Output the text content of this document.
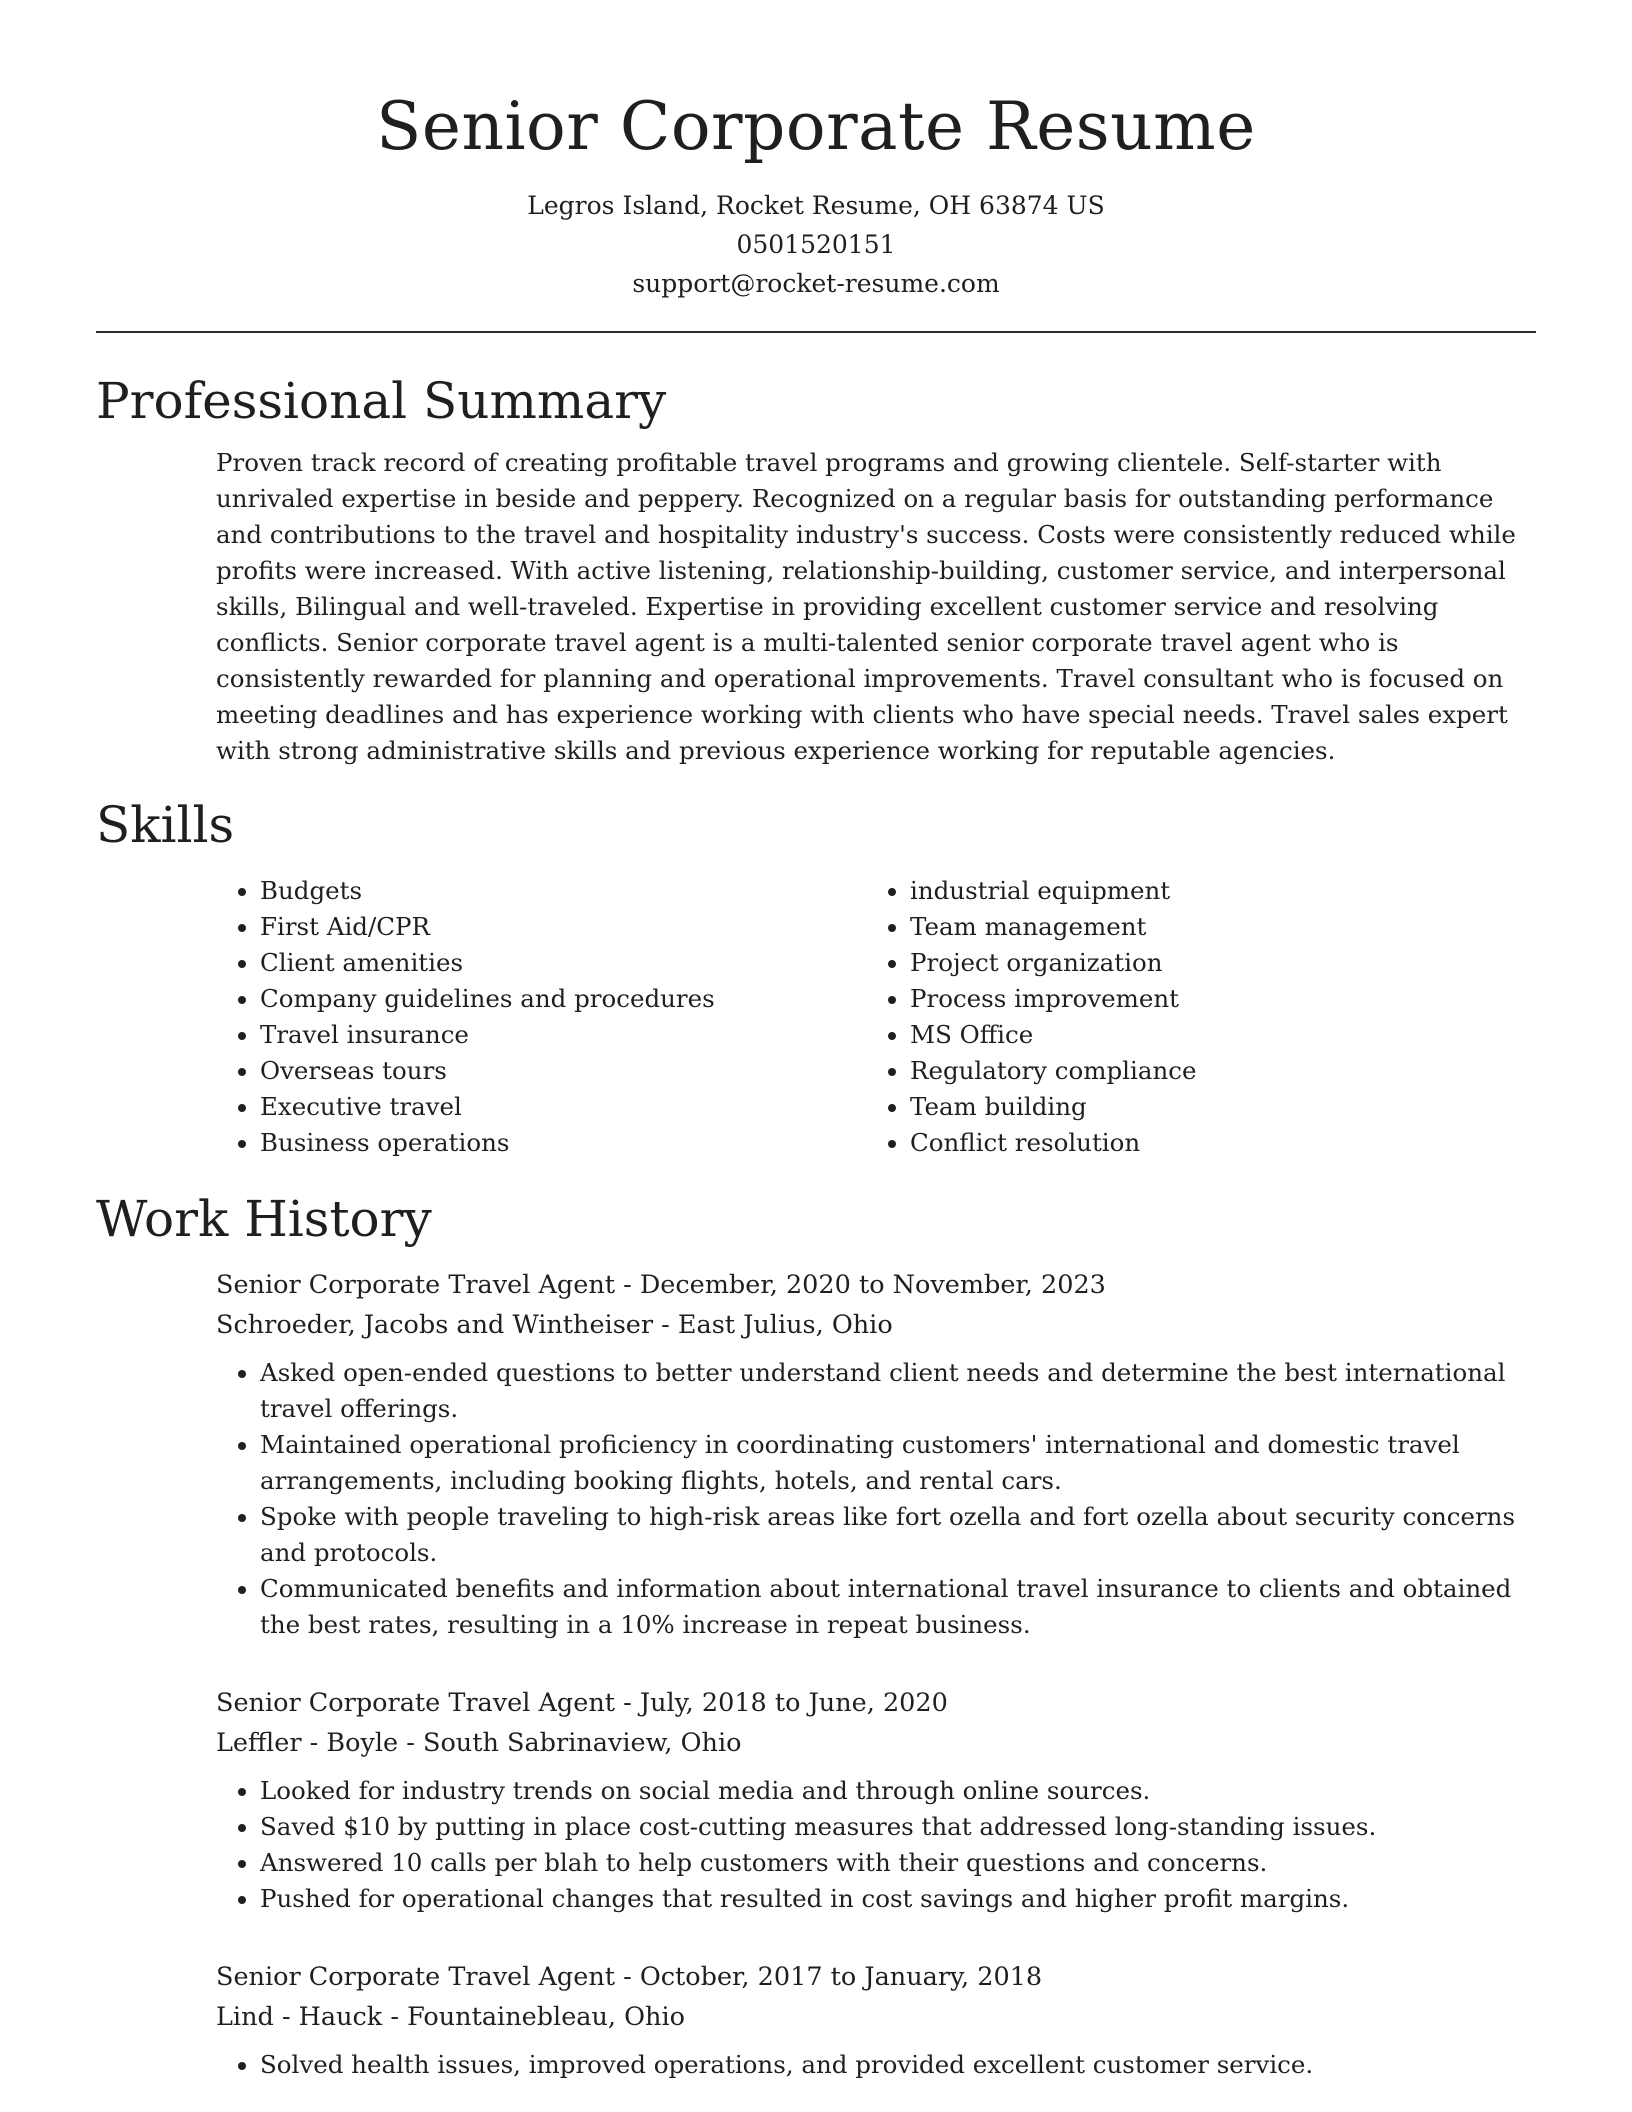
Senior Corporate Resume
Legros Island, Rocket Resume, OH 63874 US
0501520151
support@rocket-resume.com
Professional Summary

Proven track record of creating profitable travel programs and growing clientele. Self-starter with unrivaled expertise in beside and peppery. Recognized on a regular basis for outstanding performance and contributions to the travel and hospitality industry's success. Costs were consistently reduced while profits were increased. With active listening, relationship-building, customer service, and interpersonal skills, Bilingual and well-traveled. Expertise in providing excellent customer service and resolving conflicts. Senior corporate travel agent is a multi-talented senior corporate travel agent who is consistently rewarded for planning and operational improvements. Travel consultant who is focused on meeting deadlines and has experience working with clients who have special needs. Travel sales expert with strong administrative skills and previous experience working for reputable agencies.

Skills
• Budgets
• First Aid/CPR
• Client amenities
• Company guidelines and procedures
• Travel insurance
• Overseas tours
• Executive travel
• Business operations
• industrial equipment
• Team management
• Project organization
• Process improvement
• MS Office
• Regulatory compliance
• Team building
• Conflict resolution
Work History
Senior Corporate Travel Agent - December, 2020 to November, 2023
Schroeder, Jacobs and Wintheiser - East Julius, Ohio
• Asked open-ended questions to better understand client needs and determine the best international travel offerings.
• Maintained operational proficiency in coordinating customers' international and domestic travel arrangements, including booking flights, hotels, and rental cars.
• Spoke with people traveling to high-risk areas like fort ozella and fort ozella about security concerns and protocols.
• Communicated benefits and information about international travel insurance to clients and obtained the best rates, resulting in a 10% increase in repeat business.
Senior Corporate Travel Agent - July, 2018 to June, 2020
Leffler - Boyle - South Sabrinaview, Ohio
• Looked for industry trends on social media and through online sources.
• Saved $10 by putting in place cost-cutting measures that addressed long-standing issues.
• Answered 10 calls per blah to help customers with their questions and concerns.
• Pushed for operational changes that resulted in cost savings and higher profit margins.
Senior Corporate Travel Agent - October, 2017 to January, 2018
Lind - Hauck - Fountainebleau, Ohio
• Solved health issues, improved operations, and provided excellent customer service.
